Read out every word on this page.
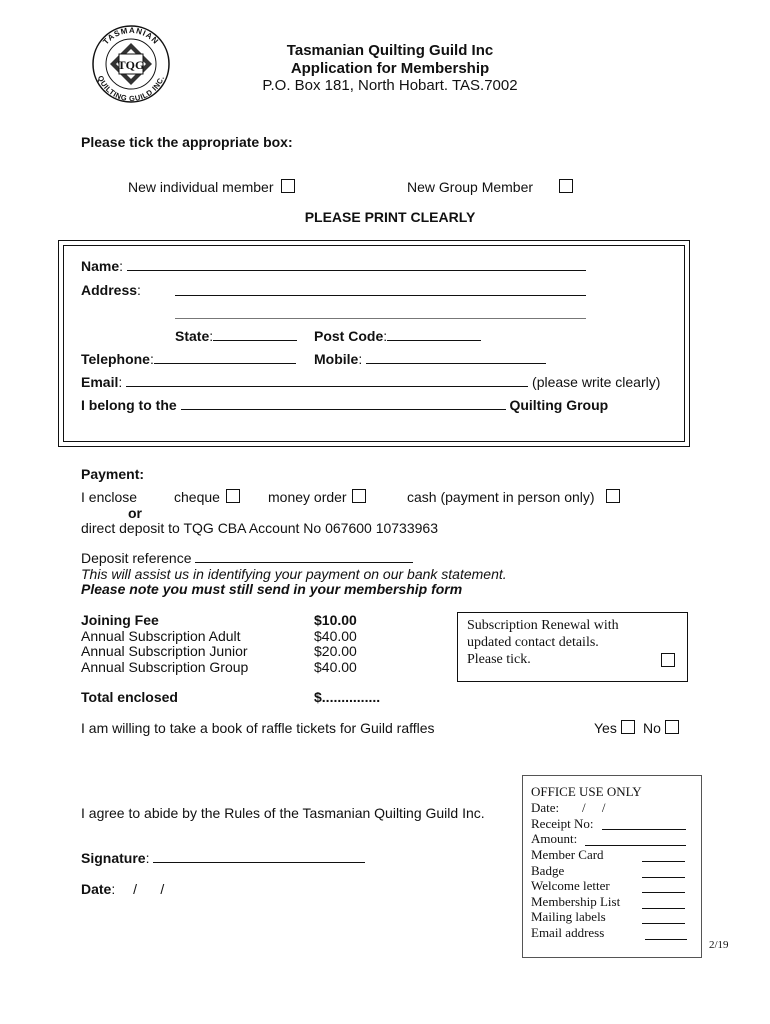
TQG
TASMANIAN
QUILTING GUILD INC.
Tasmanian Quilting Guild Inc
Application for Membership
P.O. Box 181, North Hobart. TAS.7002
Please tick the appropriate box:
New individual member	New Group Member
PLEASE PRINT CLEARLY
Name:
Address:
State:	Post Code:
Telephone:	Mobile:
Email:	(please write clearly)
I belong to the	Quilting Group
Payment:
I enclose	cheque	money order	cash (payment in person only)
or
direct deposit to TQG CBA Account No 067600 10733963
Deposit reference
This will assist us in identifying your payment on our bank statement.
Please note you must still send in your membership form
Joining Fee	$10.00
Annual Subscription Adult	$40.00
Annual Subscription Junior	$20.00
Annual Subscription Group	$40.00
Total enclosed	$...............
Subscription Renewal with
updated contact details.
Please tick.
I am willing to take a book of raffle tickets for Guild raffles	Yes	No
I agree to abide by the Rules of the Tasmanian Quilting Guild Inc.
Signature:
Date: /      /
OFFICE USE ONLY
Date: /     /
Receipt No:
Amount:
Member Card
Badge
Welcome letter
Membership List
Mailing labels
Email address
2/19
